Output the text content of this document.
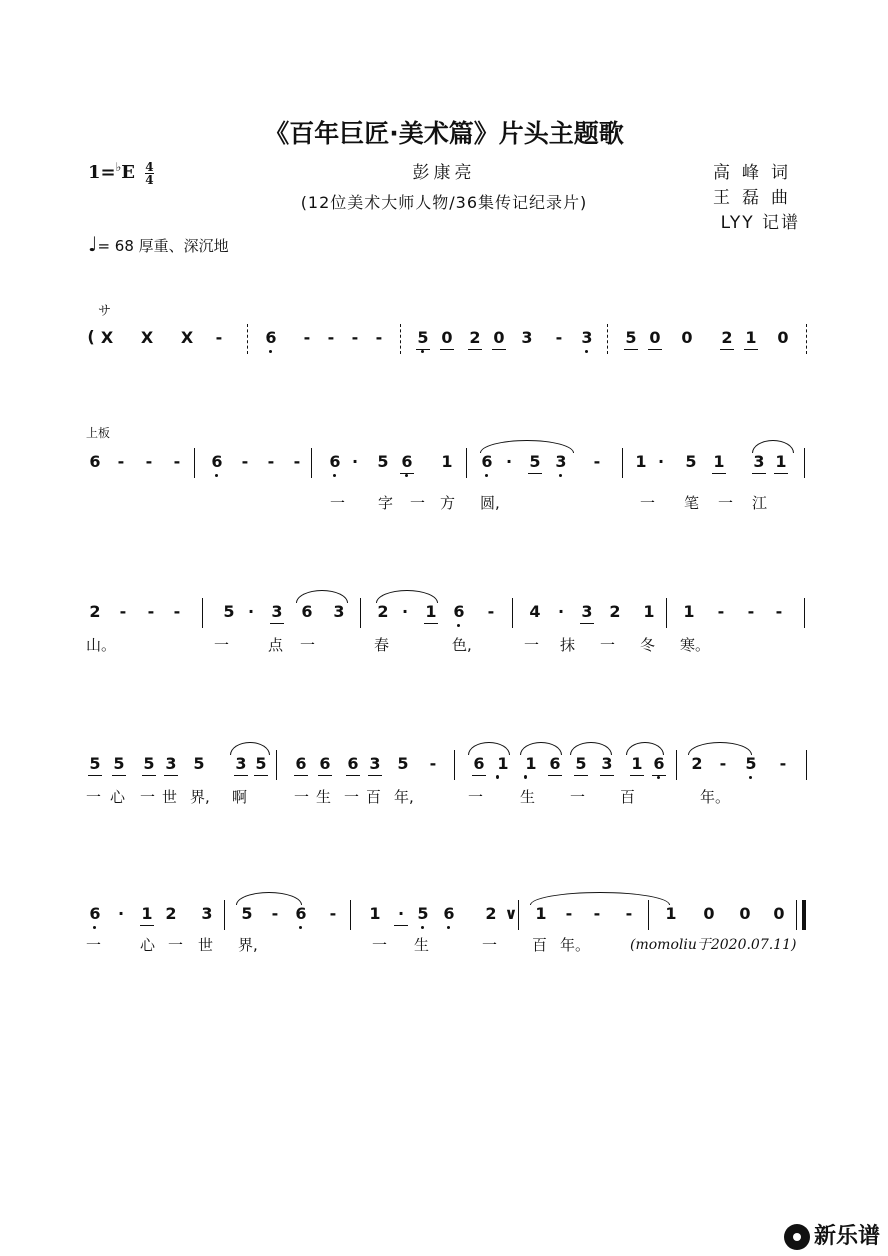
《百年巨匠·美术篇》片头主题歌
$1=^♭E \frac{4}{4}$	彭康亮
(12位美术大师人物/36集传记纪录片)
高峰词
王磊曲
LYY 记谱
♩= 68 厚重、深沉地
サ
( X X X	-	6	-	-	-	-	5 0 2 0 3	-	3 5 0 0 2 1 0
上板
6	-	-	-	6	-	-	-	6 ·	5 6 1 6 ·	5 3	-	1 ·	5 1 3 1
一 字 一 方 圆,	一 笔 一 江
2	-	-	-	5 ·	3 6 3 2 ·	1 6	-	4	·	3 2 1 1	-	-	-
山。	一	点 一	春	色,	一 抹 一 冬 寒。
5 5 5 3 5 3 5 6 6 6 3 5	-	6 1 1 6 5 3 1 6 2	-	5	-
一 心 一 世 界, 啊	一 生 一 百 年,	一 生 一 百	年。
6	·	1 2 3 5	-	6	-	1	· 5 6 2 ∨ 1	-	-	-	1 0 0 0
一	心 一 世 界,	一 生	一 百 年。	(momoliu于2020.07.11)
新乐谱
